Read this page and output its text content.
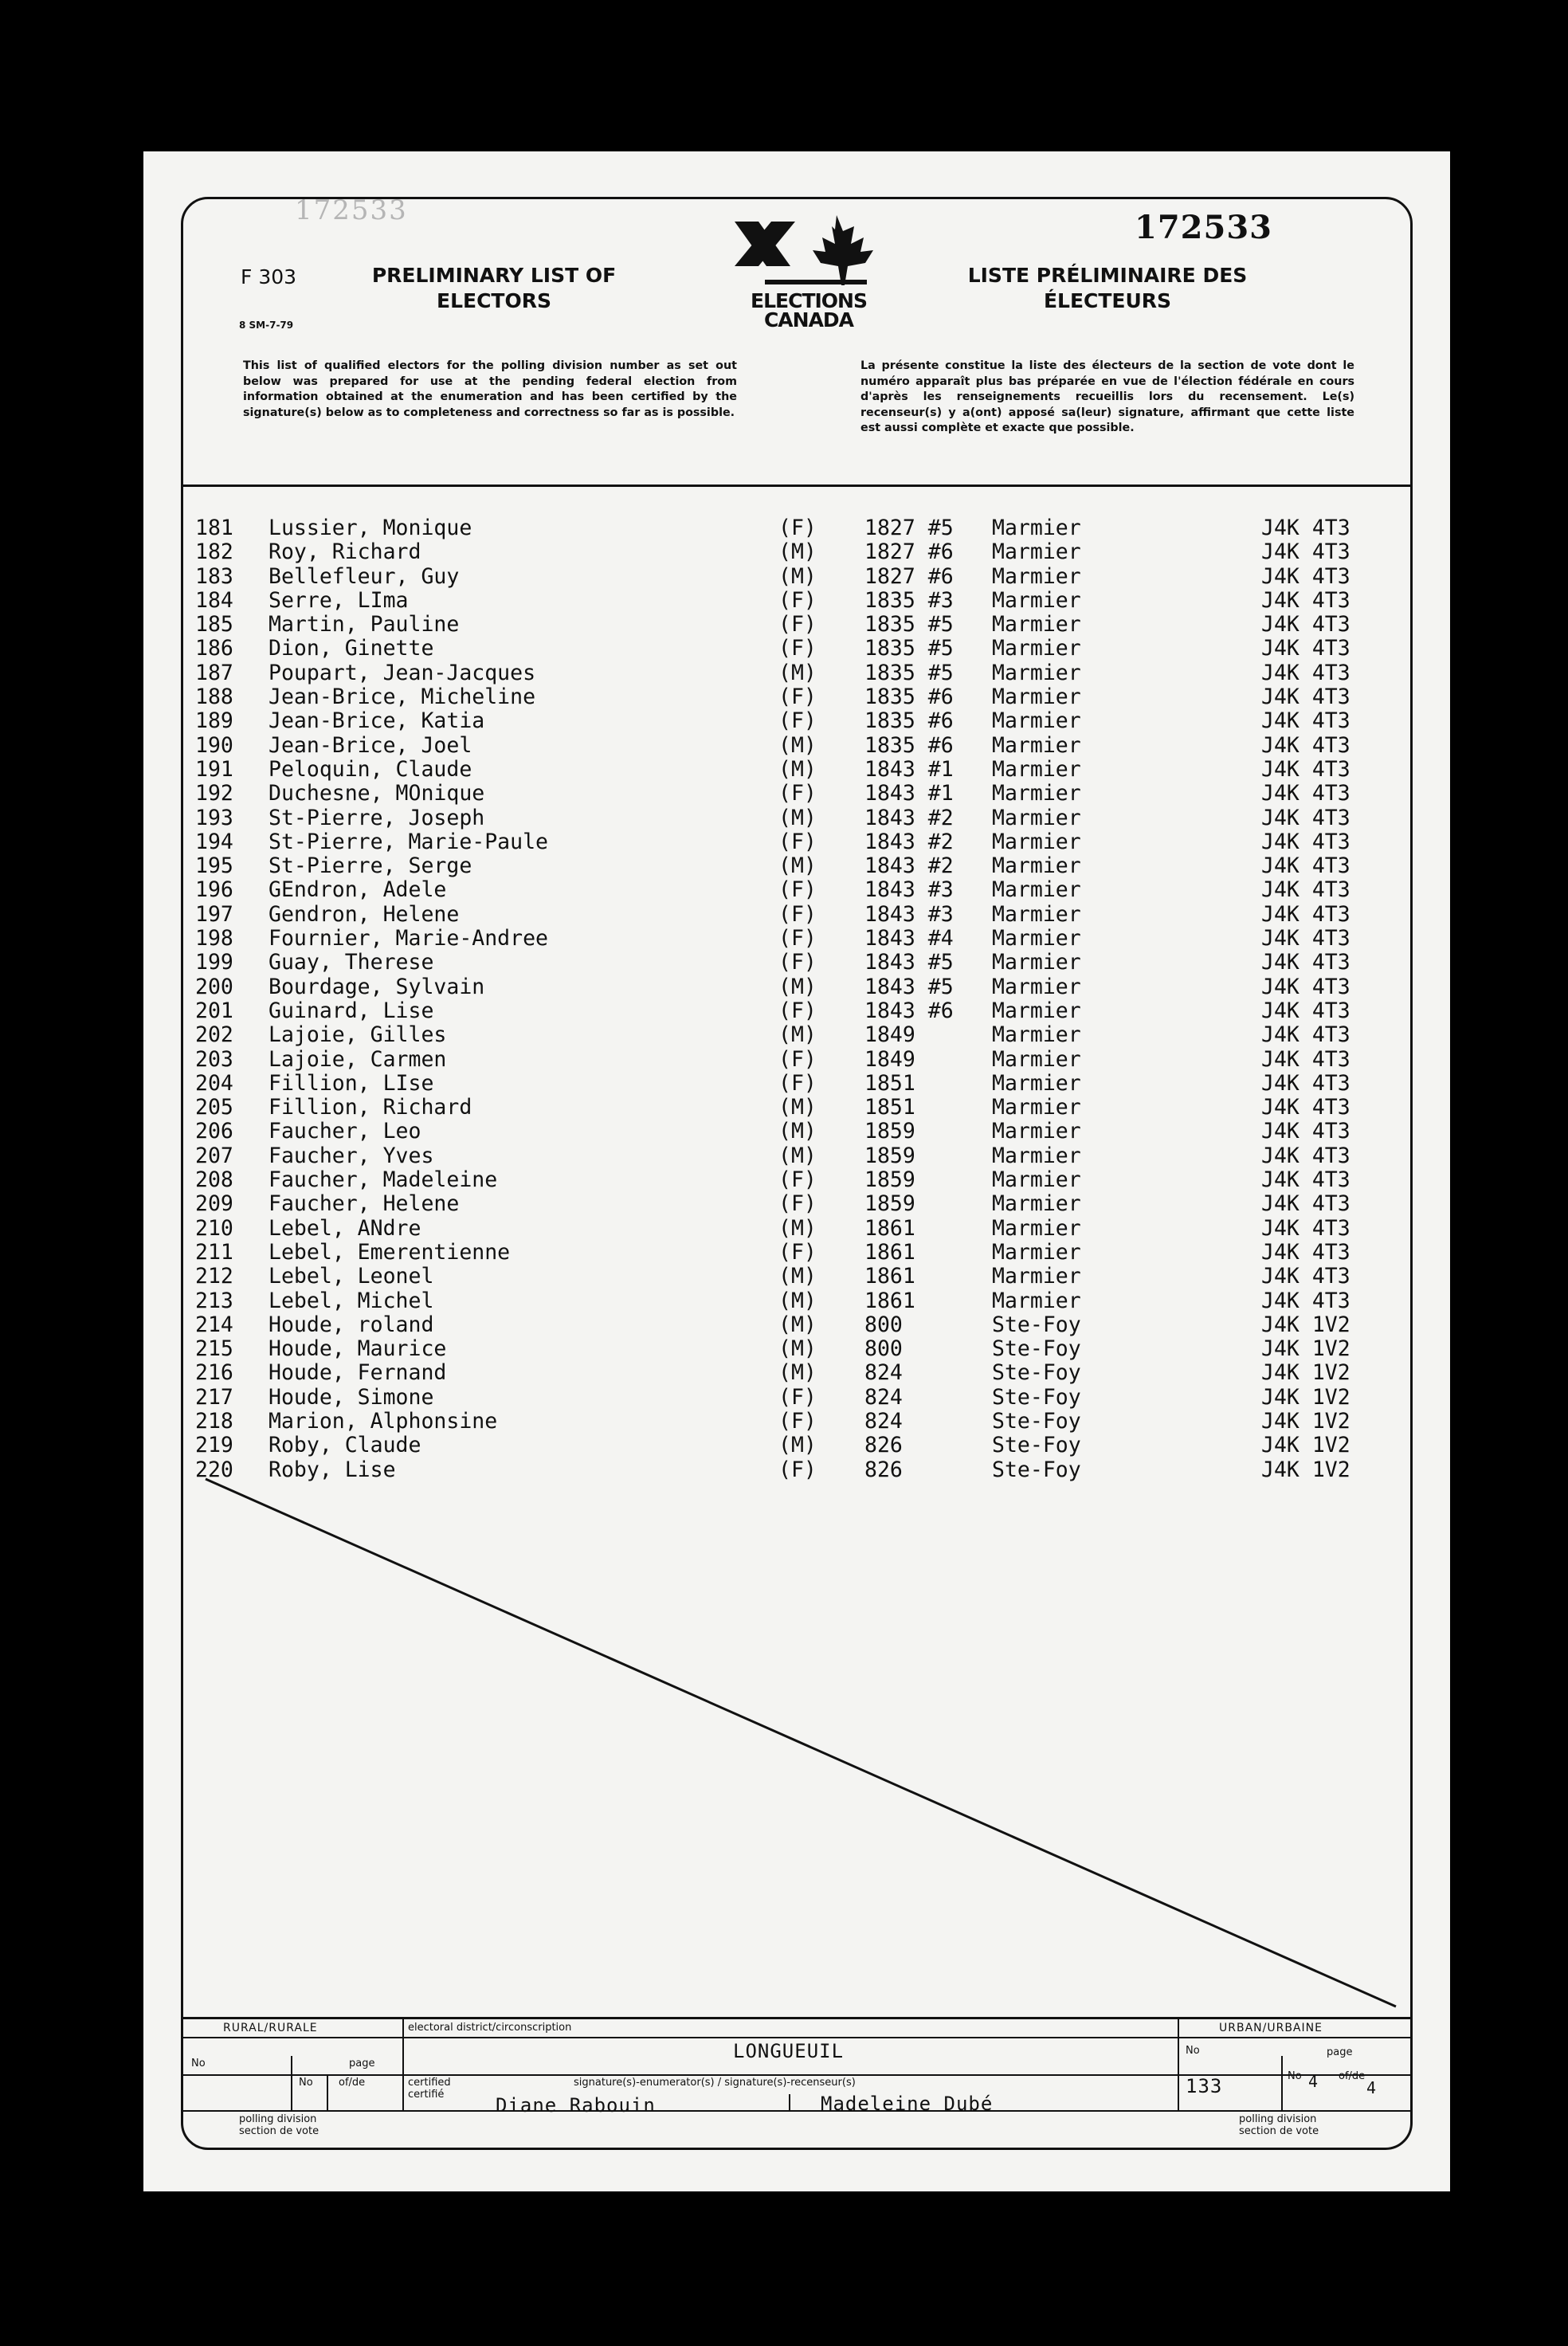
172533	172533
F 303
8 SM-7-79
PRELIMINARY LIST OF ELECTORS
LISTE PRÉLIMINAIRE DES ÉLECTEURS
ELECTIONS CANADA
This list of qualified electors for the polling division number as set out below was prepared for use at the pending federal election from information obtained at the enumeration and has been certified by the signature(s) below as to completeness and correctness so far as is possible.
La présente constitue la liste des électeurs de la section de vote dont le numéro apparaît plus bas préparée en vue de l'élection fédérale en cours d'après les renseignements recueillis lors du recensement. Le(s) recenseur(s) y a(ont) apposé sa(leur) signature, affirmant que cette liste est aussi complète et exacte que possible.
181 Lussier, Monique	(F) 1827 #5 Marmier	J4K 4T3
182 Roy, Richard	(M) 1827 #6 Marmier	J4K 4T3
183 Bellefleur, Guy	(M) 1827 #6 Marmier	J4K 4T3
184 Serre, LIma	(F) 1835 #3 Marmier	J4K 4T3
185 Martin, Pauline	(F) 1835 #5 Marmier	J4K 4T3
186 Dion, Ginette	(F) 1835 #5 Marmier	J4K 4T3
187 Poupart, Jean-Jacques	(M) 1835 #5 Marmier	J4K 4T3
188 Jean-Brice, Micheline	(F) 1835 #6 Marmier	J4K 4T3
189 Jean-Brice, Katia	(F) 1835 #6 Marmier	J4K 4T3
190 Jean-Brice, Joel	(M) 1835 #6 Marmier	J4K 4T3
191 Peloquin, Claude	(M) 1843 #1 Marmier	J4K 4T3
192 Duchesne, MOnique	(F) 1843 #1 Marmier	J4K 4T3
193 St-Pierre, Joseph	(M) 1843 #2 Marmier	J4K 4T3
194 St-Pierre, Marie-Paule	(F) 1843 #2 Marmier	J4K 4T3
195 St-Pierre, Serge	(M) 1843 #2 Marmier	J4K 4T3
196 GEndron, Adele	(F) 1843 #3 Marmier	J4K 4T3
197 Gendron, Helene	(F) 1843 #3 Marmier	J4K 4T3
198 Fournier, Marie-Andree	(F) 1843 #4 Marmier	J4K 4T3
199 Guay, Therese	(F) 1843 #5 Marmier	J4K 4T3
200 Bourdage, Sylvain	(M) 1843 #5 Marmier	J4K 4T3
201 Guinard, Lise	(F) 1843 #6 Marmier	J4K 4T3
202 Lajoie, Gilles	(M) 1849	Marmier	J4K 4T3
203 Lajoie, Carmen	(F) 1849	Marmier	J4K 4T3
204 Fillion, LIse	(F) 1851	Marmier	J4K 4T3
205 Fillion, Richard	(M) 1851	Marmier	J4K 4T3
206 Faucher, Leo	(M) 1859	Marmier	J4K 4T3
207 Faucher, Yves	(M) 1859	Marmier	J4K 4T3
208 Faucher, Madeleine	(F) 1859	Marmier	J4K 4T3
209 Faucher, Helene	(F) 1859	Marmier	J4K 4T3
210 Lebel, ANdre	(M) 1861	Marmier	J4K 4T3
211 Lebel, Emerentienne	(F) 1861	Marmier	J4K 4T3
212 Lebel, Leonel	(M) 1861	Marmier	J4K 4T3
213 Lebel, Michel	(M) 1861	Marmier	J4K 4T3
214 Houde, roland	(M) 800	Ste-Foy	J4K 1V2
215 Houde, Maurice	(M) 800	Ste-Foy	J4K 1V2
216 Houde, Fernand	(M) 824	Ste-Foy	J4K 1V2
217 Houde, Simone	(F) 824	Ste-Foy	J4K 1V2
218 Marion, Alphonsine	(F) 824	Ste-Foy	J4K 1V2
219 Roby, Claude	(M) 826	Ste-Foy	J4K 1V2
220 Roby, Lise	(F) 826	Ste-Foy	J4K 1V2
RURAL/RURALE
No	page
No of/de
polling division section de vote
electoral district/circonscription
LONGUEUIL
certified certifié
signature(s)-enumerator(s) / signature(s)-recenseur(s)
Diane Rabouin	Madeleine Dubé
URBAN/URBAINE
No	page
133	No 4 of/de
4
polling division section de vote
